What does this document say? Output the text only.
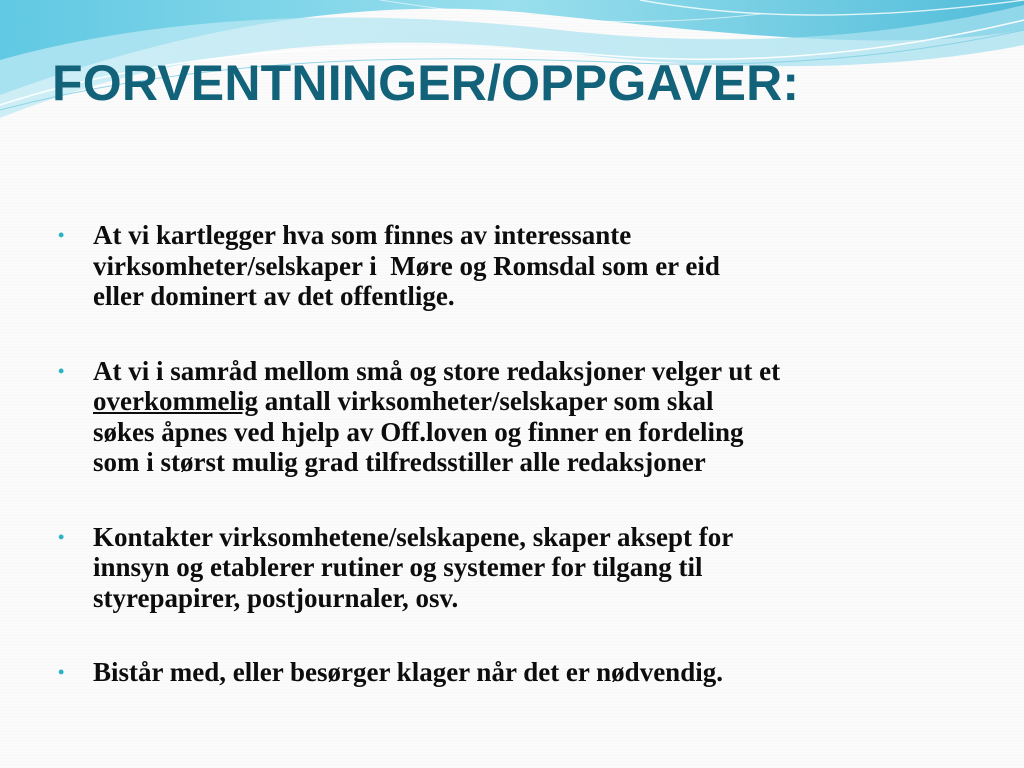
FORVENTNINGER/OPPGAVER:
• At vi kartlegger hva som finnes av interessante
virksomheter/selskaper i  Møre og Romsdal som er eid
eller dominert av det offentlige.
• At vi i samråd mellom små og store redaksjoner velger ut et
overkommelig antall virksomheter/selskaper som skal
søkes åpnes ved hjelp av Off.loven og finner en fordeling
som i størst mulig grad tilfredsstiller alle redaksjoner
• Kontakter virksomhetene/selskapene, skaper aksept for
innsyn og etablerer rutiner og systemer for tilgang til
styrepapirer, postjournaler, osv.
• Bistår med, eller besørger klager når det er nødvendig.
